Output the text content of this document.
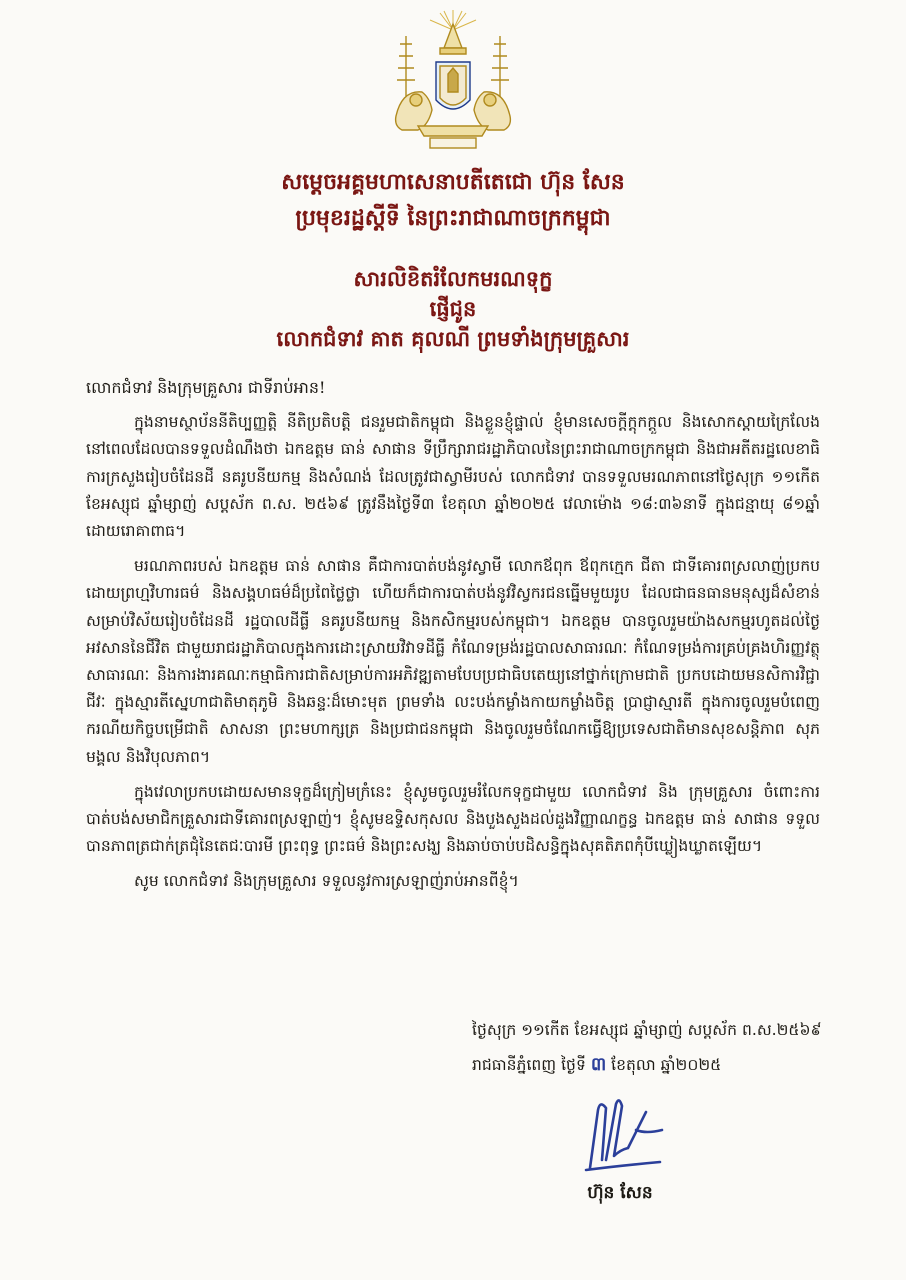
សម្តេចអគ្គមហាសេនាបតីតេជោ ហ៊ុន សែន
ប្រមុខរដ្ឋស្តីទី នៃព្រះរាជាណាចក្រកម្ពុជា
សារលិខិតរំលែកមរណទុក្ខ
ផ្ញើជូន
លោកជំទាវ គាត គុលណី ព្រមទាំងក្រុមគ្រួសារ

លោកជំទាវ និងក្រុមគ្រួសារ ជាទីរាប់អាន!

ក្នុងនាមស្ថាប័ននីតិប្បញ្ញត្តិ នីតិប្រតិបត្តិ ជនរួមជាតិកម្ពុជា និងខ្លួនខ្ញុំផ្ទាល់ ខ្ញុំមានសេចក្តីក្តុកក្តួល និងសោកស្តាយក្រៃលែង នៅពេលដែលបានទទួលដំណឹងថា ឯកឧត្តម ធាន់ សាផាន ទីប្រឹក្សារាជរដ្ឋាភិបាលនៃព្រះរាជាណាចក្រកម្ពុជា និងជាអតីតរដ្ឋលេខាធិការក្រសួងរៀបចំដែនដី នគរូបនីយកម្ម និងសំណង់ ដែលត្រូវជាស្វាមីរបស់ លោកជំទាវ បានទទួលមរណភាពនៅថ្ងៃសុក្រ ១១កើត ខែអស្សុជ ឆ្នាំម្សាញ់ សប្តស័ក ព.ស. ២៥៦៩ ត្រូវនឹងថ្ងៃទី៣ ខែតុលា ឆ្នាំ២០២៥ វេលាម៉ោង ១៨:៣៦នាទី ក្នុងជន្មាយុ ៨១ឆ្នាំ ដោយរោគាពាធ។

មរណភាពរបស់ ឯកឧត្តម ធាន់ សាផាន គឺជាការបាត់បង់នូវស្វាមី លោកឪពុក ឪពុកក្មេក ជីតា ជាទីគោរពស្រលាញ់ប្រកបដោយព្រហ្មវិហារធម៌ និងសង្គហធម៌ដ៏ប្រពៃថ្លៃថ្លា ហើយក៏ជាការបាត់បង់នូវវិស្វករជនធ្នើមមួយរូប ដែលជាធនធានមនុស្សដ៏សំខាន់សម្រាប់វិស័យរៀបចំដែនដី រដ្ឋបាលដីធ្លី នគរូបនីយកម្ម និងកសិកម្មរបស់កម្ពុជា។ ឯកឧត្តម បានចូលរួមយ៉ាងសកម្មរហូតដល់ថ្ងៃអវសាននៃជីវិត ជាមួយរាជរដ្ឋាភិបាលក្នុងការដោះស្រាយវិវាទដីធ្លី កំណែទម្រង់រដ្ឋបាលសាធារណៈ កំណែទម្រង់ការគ្រប់គ្រងហិរញ្ញវត្ថុសាធារណៈ និងការងារគណៈកម្មាធិការជាតិសម្រាប់ការអភិវឌ្ឍតាមបែបប្រជាធិបតេយ្យនៅថ្នាក់ក្រោមជាតិ ប្រកបដោយមនសិការវិជ្ជាជីវៈ ក្នុងស្មារតីស្នេហាជាតិមាតុភូមិ និងឆន្ទៈដ៏មោះមុត ព្រមទាំង លះបង់កម្លាំងកាយកម្លាំងចិត្ត ប្រាជ្ញាស្មារតី ក្នុងការចូលរួមបំពេញករណីយកិច្ចបម្រើជាតិ សាសនា ព្រះមហាក្សត្រ និងប្រជាជនកម្ពុជា និងចូលរួមចំណែកធ្វើឱ្យប្រទេសជាតិមានសុខសន្តិភាព សុភមង្គល និងវិបុលភាព។

ក្នុងវេលាប្រកបដោយសមានទុក្ខដ៏ក្រៀមក្រំនេះ ខ្ញុំសូមចូលរួមរំលែកទុក្ខជាមួយ លោកជំទាវ និង ក្រុមគ្រួសារ ចំពោះការបាត់បង់សមាជិកគ្រួសារជាទីគោរពស្រឡាញ់។ ខ្ញុំសូមឧទ្ទិសកុសល និងបួងសួងដល់ដួងវិញ្ញាណក្ខន្ធ ឯកឧត្តម ធាន់ សាផាន ទទួលបានភាពត្រជាក់ត្រជុំនៃតេជៈបារមី ព្រះពុទ្ធ ព្រះធម៌ និងព្រះសង្ឃ និងឆាប់ចាប់បដិសន្ធិក្នុងសុគតិភពកុំបីឃ្លៀងឃ្លាតឡើយ។

សូម លោកជំទាវ និងក្រុមគ្រួសារ ទទួលនូវការស្រឡាញ់រាប់អានពីខ្ញុំ។

ថ្ងៃសុក្រ ១១កើត ខែអស្សុជ ឆ្នាំម្សាញ់ សប្តស័ក ព.ស.២៥៦៩
រាជធានីភ្នំពេញ ថ្ងៃទី ៣ ខែតុលា ឆ្នាំ២០២៥
ហ៊ុន សែន
